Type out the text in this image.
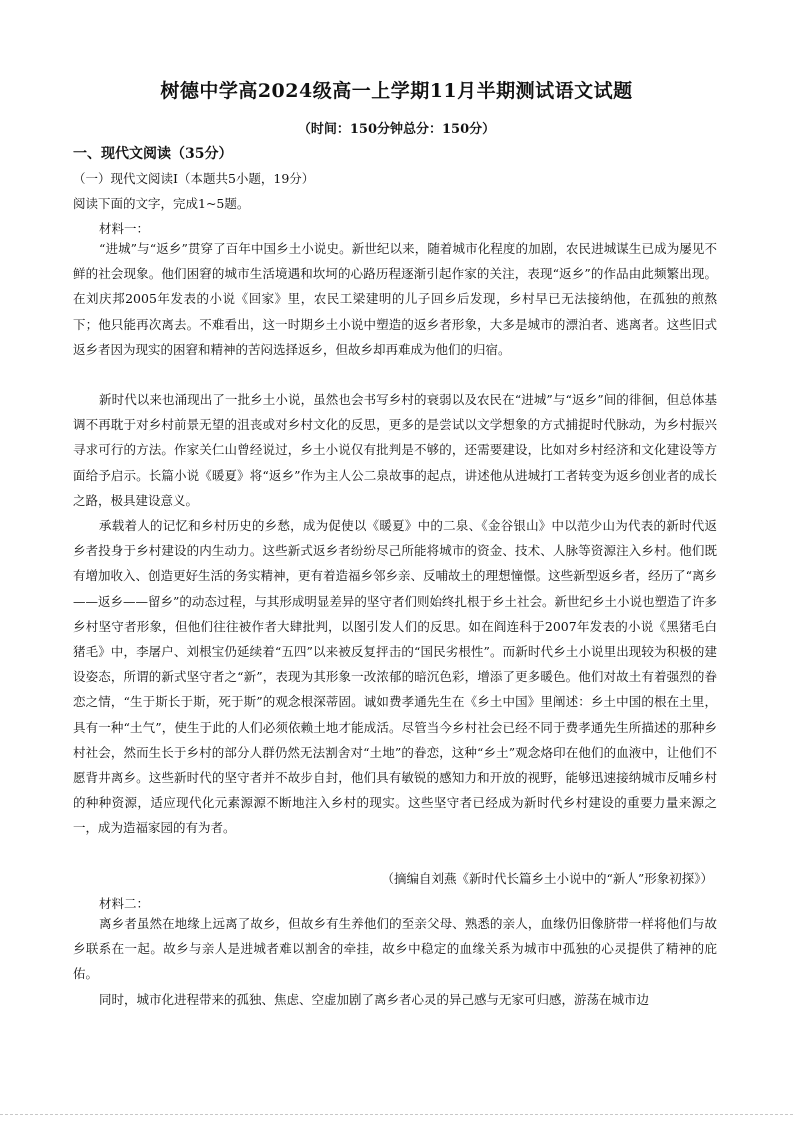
树德中学高2024级高一上学期11月半期测试语文试题
（时间：150分钟总分：150分）
一、现代文阅读（35分）
（一）现代文阅读Ⅰ（本题共5小题，19分）
阅读下面的文字，完成1~5题。
材料一：

“进城”与“返乡”贯穿了百年中国乡土小说史。新世纪以来，随着城市化程度的加剧，农民进城谋生已成为屡见不鲜的社会现象。他们困窘的城市生活境遇和坎坷的心路历程逐渐引起作家的关注，表现“返乡”的作品由此频繁出现。在刘庆邦2005年发表的小说《回家》里，农民工梁建明的儿子回乡后发现，乡村早已无法接纳他，在孤独的煎熬下；他只能再次离去。不难看出，这一时期乡土小说中塑造的返乡者形象，大多是城市的漂泊者、逃离者。这些旧式返乡者因为现实的困窘和精神的苦闷选择返乡，但故乡却再难成为他们的归宿。

新时代以来也涌现出了一批乡土小说，虽然也会书写乡村的衰弱以及农民在“进城”与“返乡”间的徘徊，但总体基调不再耽于对乡村前景无望的沮丧或对乡村文化的反思，更多的是尝试以文学想象的方式捕捉时代脉动，为乡村振兴寻求可行的方法。作家关仁山曾经说过，乡土小说仅有批判是不够的，还需要建设，比如对乡村经济和文化建设等方面给予启示。长篇小说《暖夏》将“返乡”作为主人公二泉故事的起点，讲述他从进城打工者转变为返乡创业者的成长之路，极具建设意义。

承载着人的记忆和乡村历史的乡愁，成为促使以《暖夏》中的二泉、《金谷银山》中以范少山为代表的新时代返乡者投身于乡村建设的内生动力。这些新式返乡者纷纷尽己所能将城市的资金、技术、人脉等资源注入乡村。他们既有增加收入、创造更好生活的务实精神，更有着造福乡邻乡亲、反哺故土的理想憧憬。这些新型返乡者，经历了“离乡——返乡——留乡”的动态过程，与其形成明显差异的坚守者们则始终扎根于乡土社会。新世纪乡土小说也塑造了许多乡村坚守者形象，但他们往往被作者大肆批判，以图引发人们的反思。如在阎连科于2007年发表的小说《黑猪毛白猪毛》中，李屠户、刘根宝仍延续着“五四”以来被反复抨击的“国民劣根性”。而新时代乡土小说里出现较为积极的建设姿态，所谓的新式坚守者之“新”，表现为其形象一改浓郁的暗沉色彩，增添了更多暖色。他们对故土有着强烈的眷恋之情，“生于斯长于斯，死于斯”的观念根深蒂固。诚如费孝通先生在《乡土中国》里阐述：乡土中国的根在土里，具有一种“土气”，使生于此的人们必须依赖土地才能成活。尽管当今乡村社会已经不同于费孝通先生所描述的那种乡村社会，然而生长于乡村的部分人群仍然无法割舍对“土地”的眷恋，这种“乡土”观念烙印在他们的血液中，让他们不愿背井离乡。这些新时代的坚守者并不故步自封，他们具有敏锐的感知力和开放的视野，能够迅速接纳城市反哺乡村的种种资源，适应现代化元素源源不断地注入乡村的现实。这些坚守者已经成为新时代乡村建设的重要力量来源之一，成为造福家园的有为者。

（摘编自刘燕《新时代长篇乡土小说中的“新人”形象初探》）
材料二：

离乡者虽然在地缘上远离了故乡，但故乡有生养他们的至亲父母、熟悉的亲人，血缘仍旧像脐带一样将他们与故乡联系在一起。故乡与亲人是进城者难以割舍的牵挂，故乡中稳定的血缘关系为城市中孤独的心灵提供了精神的庇佑。

同时，城市化进程带来的孤独、焦虑、空虚加剧了离乡者心灵的异己感与无家可归感，游荡在城市边
